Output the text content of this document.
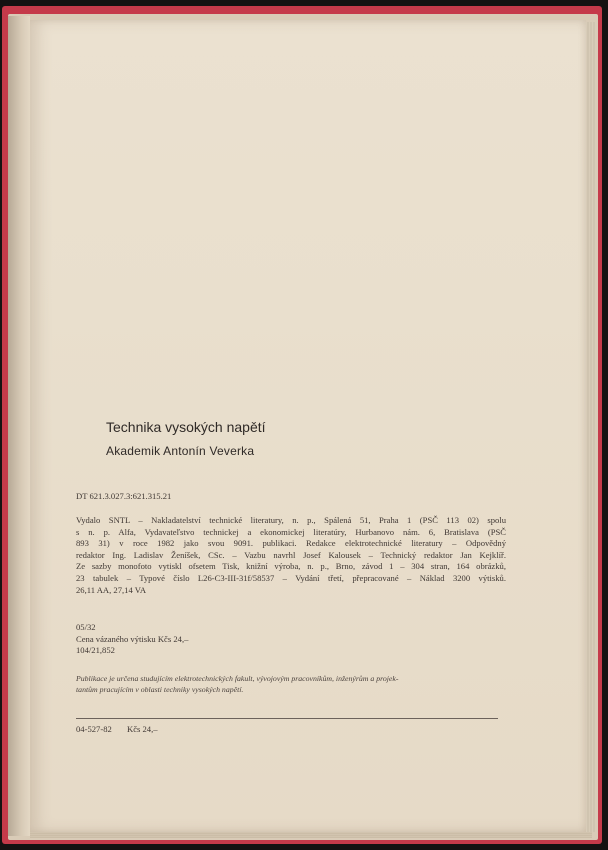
Technika vysokých napětí
Akademik Antonín Veverka
DT 621.3.027.3:621.315.21
Vydalo SNTL – Nakladatelství technické literatury, n. p., Spálená 51, Praha 1 (PSČ 113 02) spolu
s n. p. Alfa, Vydavateľstvo technickej a ekonomickej literatúry, Hurbanovo nám. 6, Bratislava (PSČ
893 31) v roce 1982 jako svou 9091. publikaci. Redakce elektrotechnické literatury – Odpovědný
redaktor Ing. Ladislav Ženíšek, CSc. – Vazbu navrhl Josef Kalousek – Technický redaktor Jan Kejklíř.
Ze sazby monofoto vytiskl ofsetem Tisk, knižní výroba, n. p., Brno, závod 1 – 304 stran, 164 obrázků,
23 tabulek – Typové číslo L26-C3-III-31f/58537 – Vydání třetí, přepracované – Náklad 3200 výtisků.
26,11 AA, 27,14 VA
05/32
Cena vázaného výtisku Kčs 24,–
104/21,852
Publikace je určena studujícím elektrotechnických fakult, vývojovým pracovníkům, inženýrům a projek-
tantům pracujícím v oblasti techniky vysokých napětí.
04-527-82 Kčs 24,–
